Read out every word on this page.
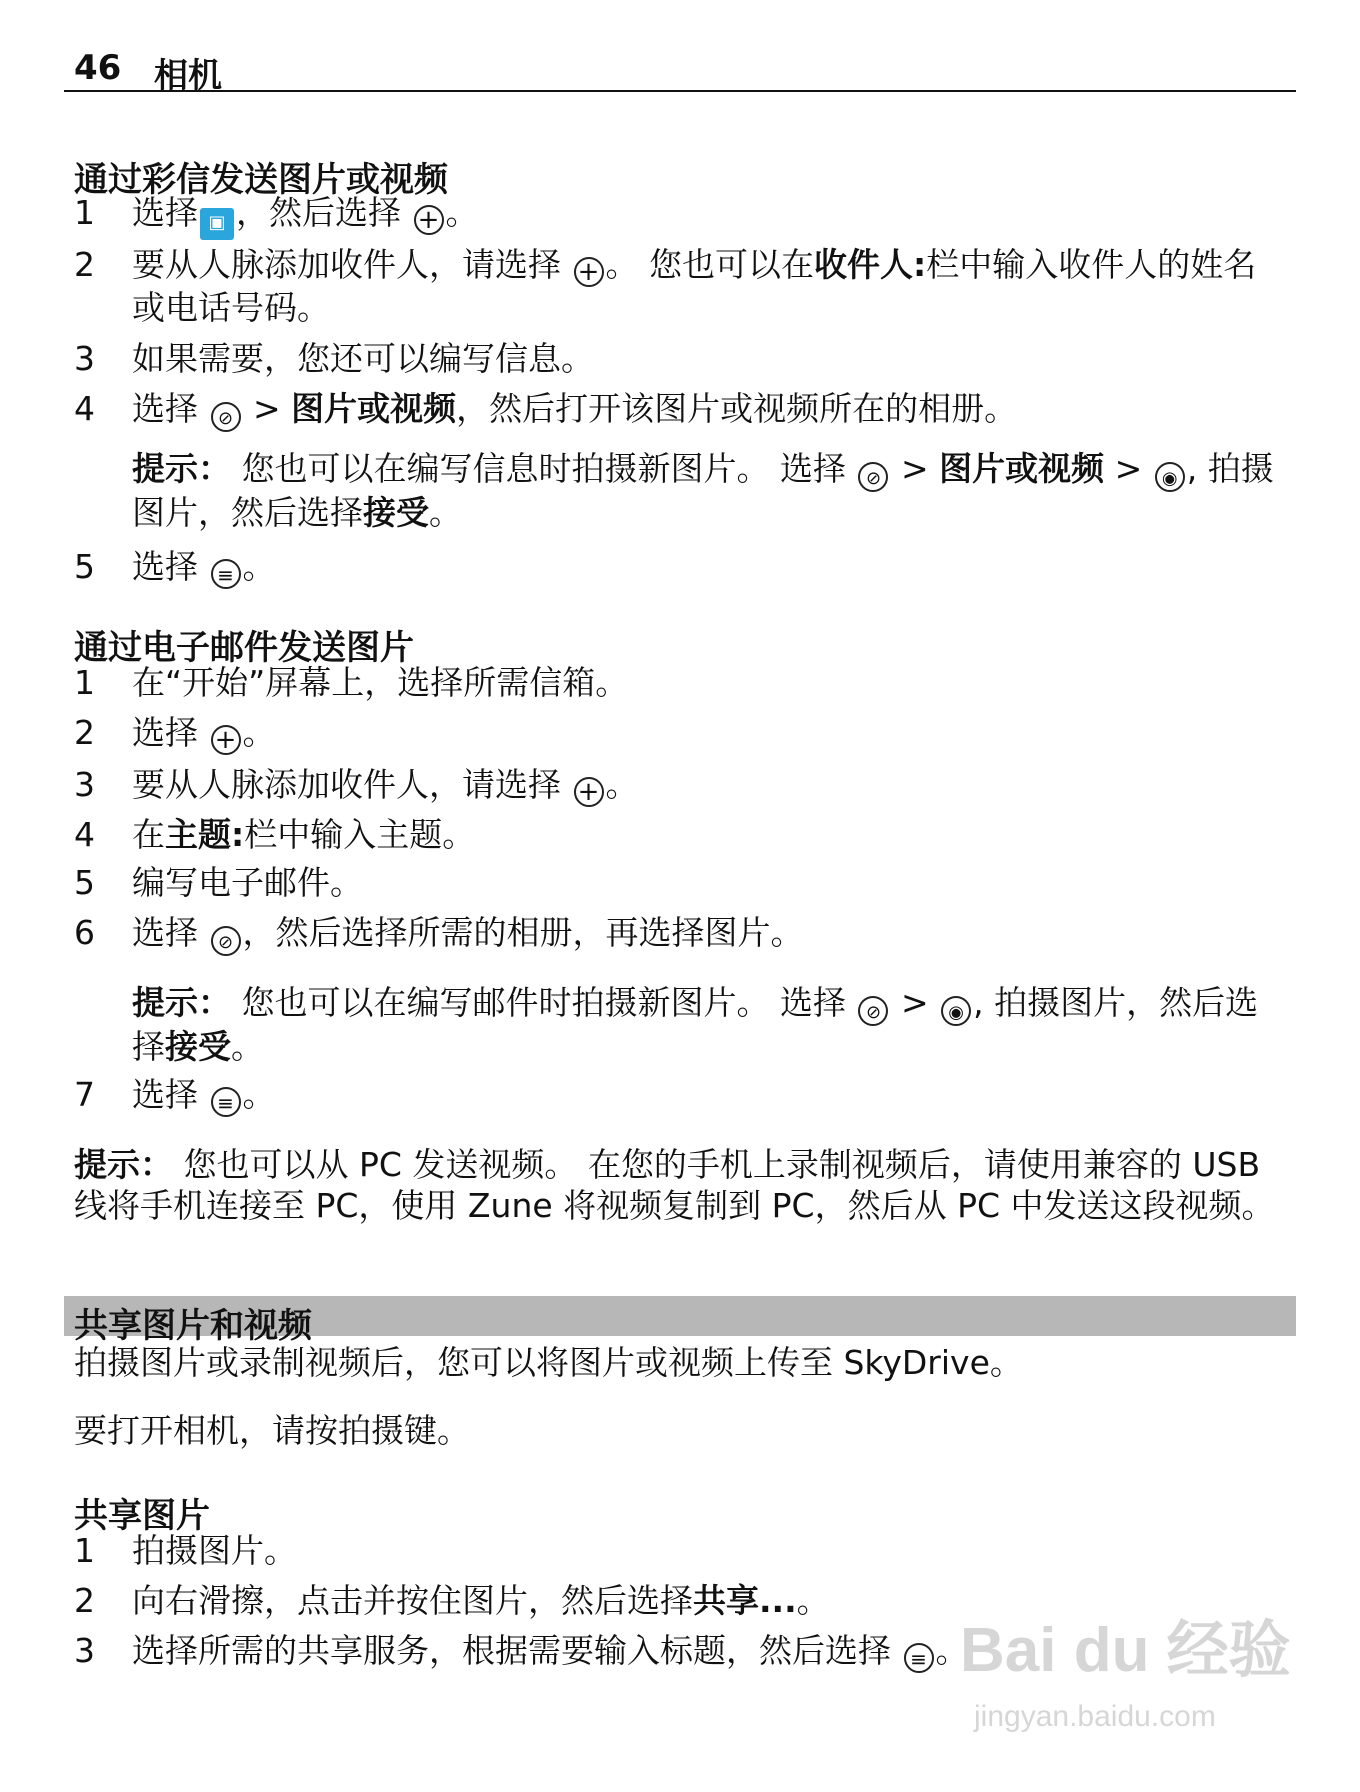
46 相机
通过彩信发送图片或视频
1	选择 ▣ ，然后选择 + 。
2	要从人脉添加收件人，请选择 + 。 您也可以在收件人:栏中输入收件人的姓名或电话号码。
3	如果需要，您还可以编写信息。
4	选择 ⊘ > 图片或视频，然后打开该图片或视频所在的相册。
提示： 您也可以在编写信息时拍摄新图片。 选择 ⊘ > 图片或视频 > ◉, 拍摄图片，然后选择接受。
5	选择 ≡ 。
通过电子邮件发送图片
1	在“开始”屏幕上，选择所需信箱。
2	选择 + 。
3	要从人脉添加收件人，请选择 + 。
4	在主题:栏中输入主题。
5	编写电子邮件。
6	选择 ⊘ ，然后选择所需的相册，再选择图片。
提示： 您也可以在编写邮件时拍摄新图片。 选择 ⊘ > ◉, 拍摄图片，然后选择接受。
7	选择 ≡ 。
提示： 您也可以从 PC 发送视频。 在您的手机上录制视频后，请使用兼容的 USB 线将手机连接至 PC，使用 Zune 将视频复制到 PC，然后从 PC 中发送这段视频。
共享图片和视频
拍摄图片或录制视频后，您可以将图片或视频上传至 SkyDrive。
要打开相机，请按拍摄键。
共享图片
1	拍摄图片。
2	向右滑擦，点击并按住图片，然后选择共享...。
3	选择所需的共享服务，根据需要输入标题，然后选择 ≡ 。
Bai du 经验
jingyan.baidu.com
